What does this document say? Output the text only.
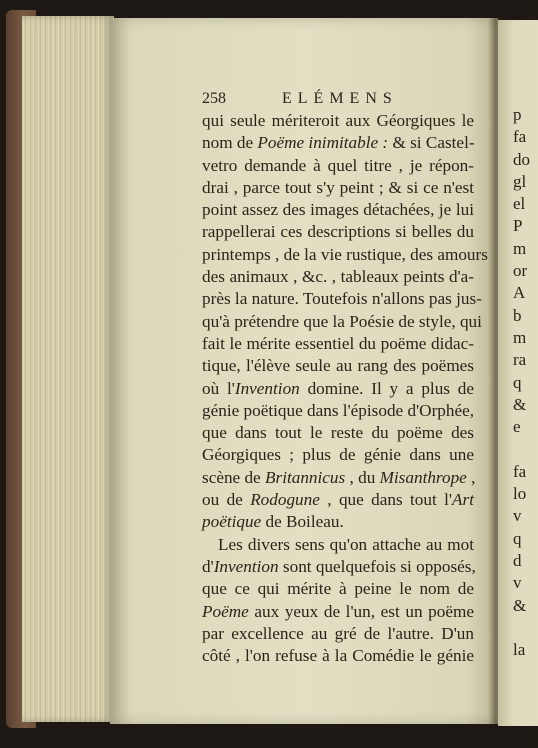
258	ELÉMENS
qui seule mériteroit aux Géorgiques le
nom de Poëme inimitable : & si Castel-
vetro demande à quel titre , je répon-
drai , parce tout s'y peint ; & si ce n'est
point assez des images détachées, je lui
rappellerai ces descriptions si belles du
printemps , de la vie rustique, des amours
des animaux , &c. , tableaux peints d'a-
près la nature. Toutefois n'allons pas jus-
qu'à prétendre que la Poésie de style, qui
fait le mérite essentiel du poëme didac-
tique, l'élève seule au rang des poëmes
où l'Invention domine. Il y a plus de
génie poëtique dans l'épisode d'Orphée,
que dans tout le reste du poëme des
Géorgiques ; plus de génie dans une
scène de Britannicus , du Misanthrope ,
ou de Rodogune , que dans tout l'Art
poëtique de Boileau.
Les divers sens qu'on attache au mot
d'Invention sont quelquefois si opposés,
que ce qui mérite à peine le nom de
Poëme aux yeux de l'un, est un poëme
par excellence au gré de l'autre. D'un
côté , l'on refuse à la Comédie le génie
p
fa
do
gl
el
P
m
or
A
b
m
ra
q
&
e
fa
lo
v
q
d
v
&
la
